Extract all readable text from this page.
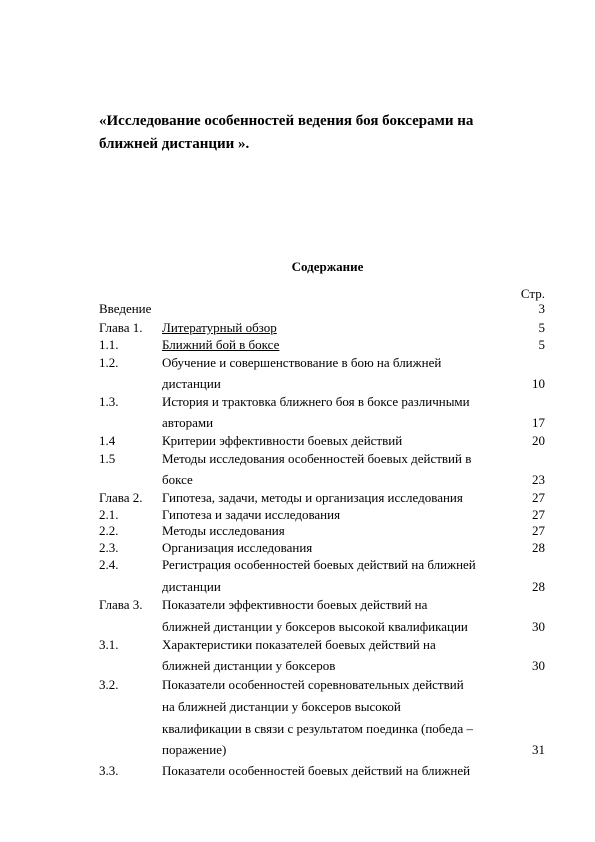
«Исследование особенностей ведения боя боксерами на
ближней дистанции ».
Содержание
Стр.
Введение	3
Глава 1. Литературный обзор	5
1.1.	Ближний бой в боксе	5
1.2.	Обучение и совершенствование в бою на ближней
дистанции	10
1.3.	История и трактовка ближнего боя в боксе различными
авторами	17
1.4	Критерии эффективности боевых действий	20
1.5	Методы исследования особенностей боевых действий в
боксе	23
Глава 2. Гипотеза, задачи, методы и организация исследования	27
2.1.	Гипотеза и задачи исследования	27
2.2.	Методы исследования	27
2.3.	Организация исследования	28
2.4.	Регистрация особенностей боевых действий на ближней
дистанции	28
Глава 3. Показатели эффективности боевых действий на
ближней дистанции у боксеров высокой квалификации	30
3.1.	Характеристики показателей боевых действий на
ближней дистанции у боксеров	30
3.2.	Показатели особенностей соревновательных действий
на ближней дистанции у боксеров высокой
квалификации в связи с результатом поединка (победа –
поражение)	31
3.3.	Показатели особенностей боевых действий на ближней
